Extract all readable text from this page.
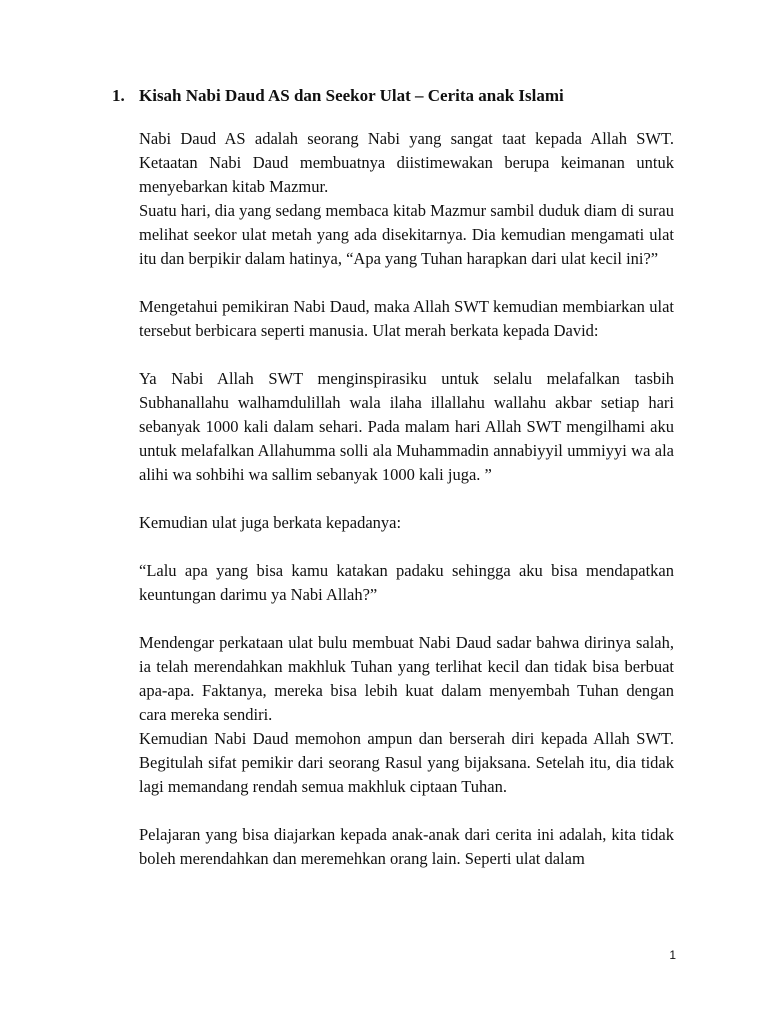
1. Kisah Nabi Daud AS dan Seekor Ulat – Cerita anak Islami

Nabi Daud AS adalah seorang Nabi yang sangat taat kepada Allah SWT. Ketaatan Nabi Daud membuatnya diistimewakan berupa keimanan untuk menyebarkan kitab Mazmur.

Suatu hari, dia yang sedang membaca kitab Mazmur sambil duduk diam di surau melihat seekor ulat metah yang ada disekitarnya. Dia kemudian mengamati ulat itu dan berpikir dalam hatinya, “Apa yang Tuhan harapkan dari ulat kecil ini?”

Mengetahui pemikiran Nabi Daud, maka Allah SWT kemudian membiarkan ulat tersebut berbicara seperti manusia. Ulat merah berkata kepada David:

Ya Nabi Allah SWT menginspirasiku untuk selalu melafalkan tasbih Subhanallahu walhamdulillah wala ilaha illallahu wallahu akbar setiap hari sebanyak 1000 kali dalam sehari. Pada malam hari Allah SWT mengilhami aku untuk melafalkan Allahumma solli ala Muhammadin annabiyyil ummiyyi wa ala alihi wa sohbihi wa sallim sebanyak 1000 kali juga. ”

Kemudian ulat juga berkata kepadanya:

“Lalu apa yang bisa kamu katakan padaku sehingga aku bisa mendapatkan keuntungan darimu ya Nabi Allah?”

Mendengar perkataan ulat bulu membuat Nabi Daud sadar bahwa dirinya salah, ia telah merendahkan makhluk Tuhan yang terlihat kecil dan tidak bisa berbuat apa-apa. Faktanya, mereka bisa lebih kuat dalam menyembah Tuhan dengan cara mereka sendiri.

Kemudian Nabi Daud memohon ampun dan berserah diri kepada Allah SWT. Begitulah sifat pemikir dari seorang Rasul yang bijaksana. Setelah itu, dia tidak lagi memandang rendah semua makhluk ciptaan Tuhan.

Pelajaran yang bisa diajarkan kepada anak-anak dari cerita ini adalah, kita tidak boleh merendahkan dan meremehkan orang lain. Seperti ulat dalam

1
